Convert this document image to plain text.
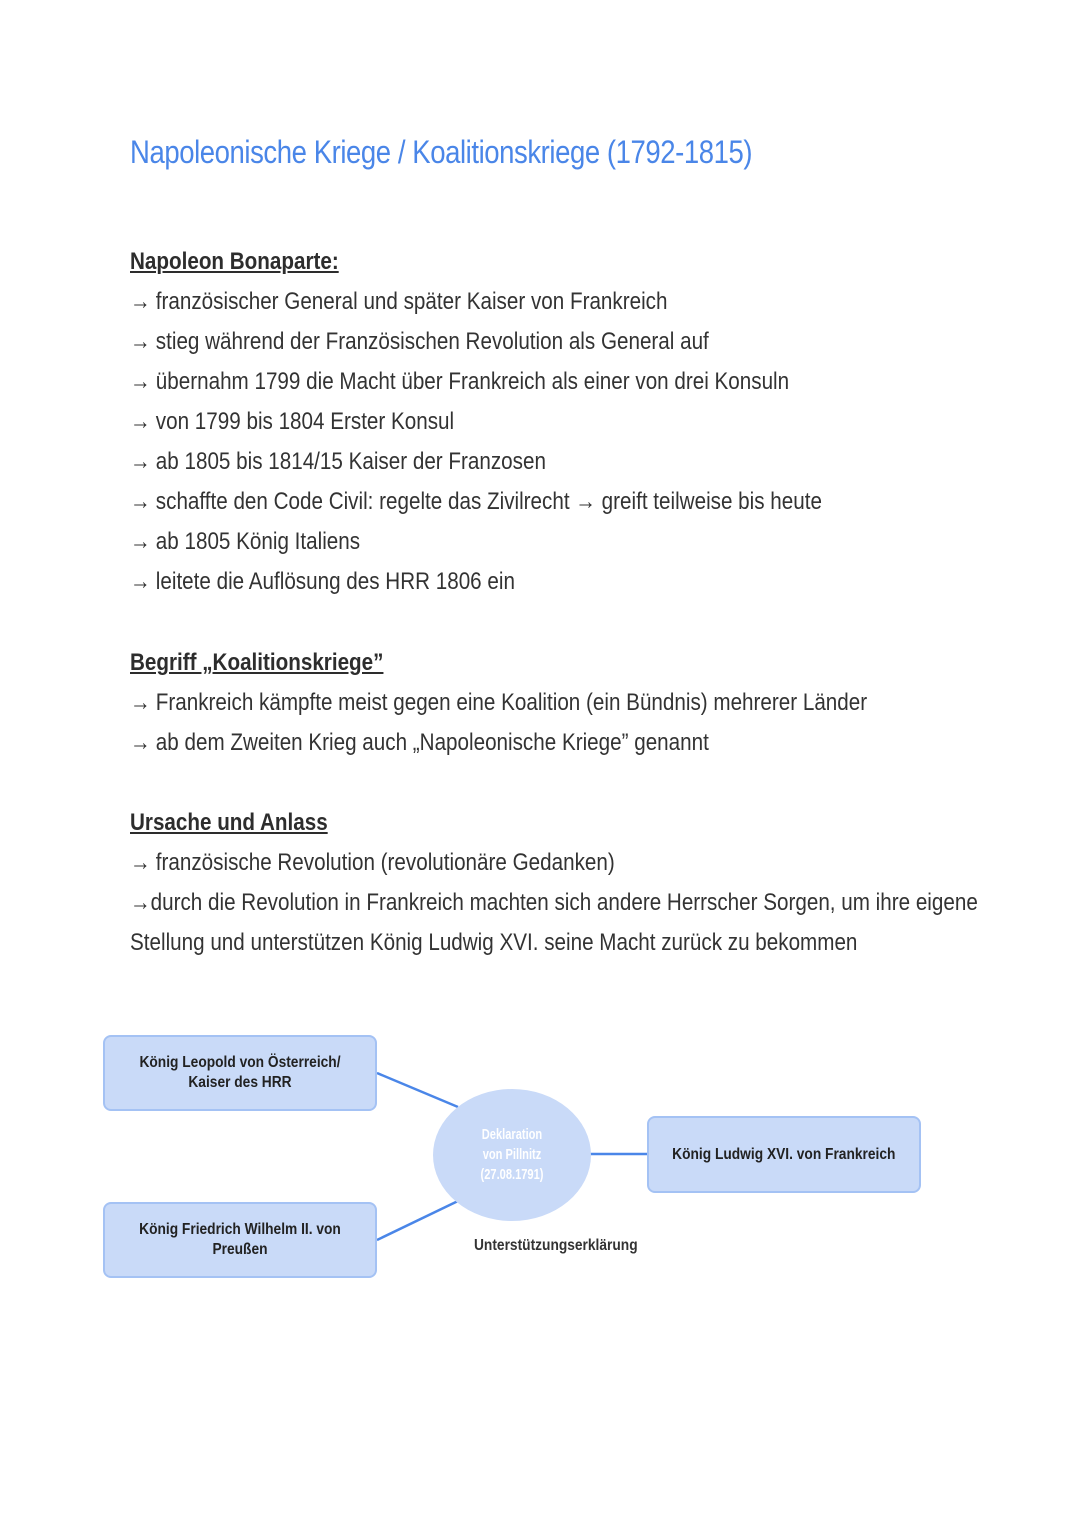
Napoleonische Kriege / Koalitionskriege (1792-1815)
Napoleon Bonaparte:
→ französischer General und später Kaiser von Frankreich
→ stieg während der Französischen Revolution als General auf
→ übernahm 1799 die Macht über Frankreich als einer von drei Konsuln
→ von 1799 bis 1804 Erster Konsul
→ ab 1805 bis 1814/15 Kaiser der Franzosen
→ schaffte den Code Civil: regelte das Zivilrecht → greift teilweise bis heute
→ ab 1805 König Italiens
→ leitete die Auflösung des HRR 1806 ein
Begriff „Koalitionskriege”
→ Frankreich kämpfte meist gegen eine Koalition (ein Bündnis) mehrerer Länder
→ ab dem Zweiten Krieg auch „Napoleonische Kriege” genannt
Ursache und Anlass
→ französische Revolution (revolutionäre Gedanken)
→durch die Revolution in Frankreich machten sich andere Herrscher Sorgen, um ihre eigene Stellung und unterstützen König Ludwig XVI. seine Macht zurück zu bekommen
König Leopold von Österreich/ Kaiser des HRR
König Friedrich Wilhelm II. von Preußen
Deklaration
von Pillnitz
(27.08.1791)
König Ludwig XVI. von Frankreich
Unterstützungserklärung
